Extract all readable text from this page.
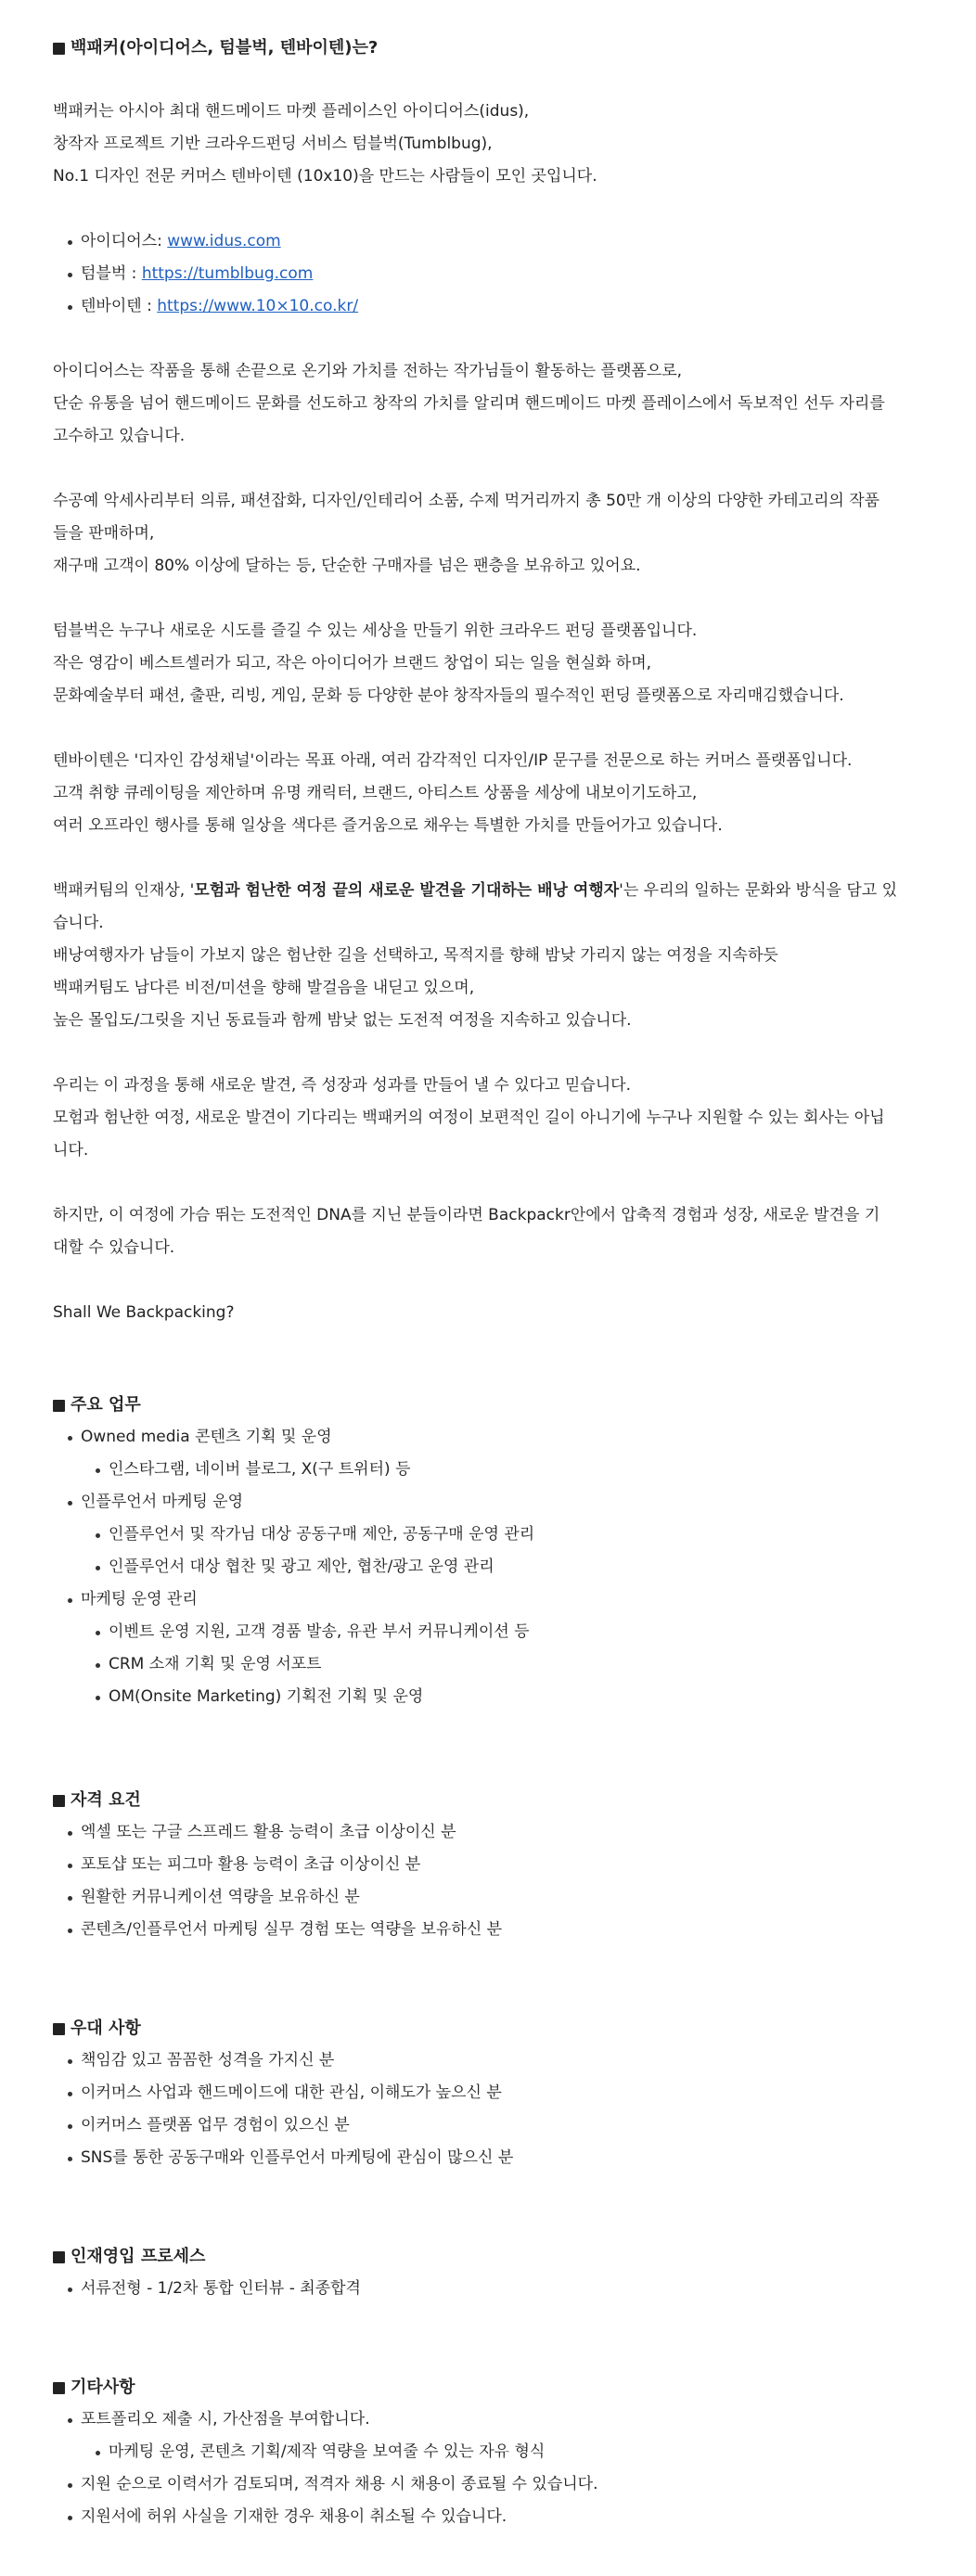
백패커(아이디어스, 텀블벅, 텐바이텐)는?
백패커는 아시아 최대 핸드메이드 마켓 플레이스인 아이디어스(idus),
창작자 프로젝트 기반 크라우드펀딩 서비스 텀블벅(Tumblbug),
No.1 디자인 전문 커머스 텐바이텐 (10x10)을 만드는 사람들이 모인 곳입니다.
아이디어스: www.idus.com
텀블벅 : https://tumblbug.com
텐바이텐 : https://www.10×10.co.kr/
아이디어스는 작품을 통해 손끝으로 온기와 가치를 전하는 작가님들이 활동하는 플랫폼으로,
단순 유통을 넘어 핸드메이드 문화를 선도하고 창작의 가치를 알리며 핸드메이드 마켓 플레이스에서 독보적인 선두 자리를
고수하고 있습니다.
수공예 악세사리부터 의류, 패션잡화, 디자인/인테리어 소품, 수제 먹거리까지 총 50만 개 이상의 다양한 카테고리의 작품
들을 판매하며,
재구매 고객이 80% 이상에 달하는 등, 단순한 구매자를 넘은 팬층을 보유하고 있어요.
텀블벅은 누구나 새로운 시도를 즐길 수 있는 세상을 만들기 위한 크라우드 펀딩 플랫폼입니다.
작은 영감이 베스트셀러가 되고, 작은 아이디어가 브랜드 창업이 되는 일을 현실화 하며,
문화예술부터 패션, 출판, 리빙, 게임, 문화 등 다양한 분야 창작자들의 필수적인 펀딩 플랫폼으로 자리매김했습니다.
텐바이텐은 '디자인 감성채널'이라는 목표 아래, 여러 감각적인 디자인/IP 문구를 전문으로 하는 커머스 플랫폼입니다.
고객 취향 큐레이팅을 제안하며 유명 캐릭터, 브랜드, 아티스트 상품을 세상에 내보이기도하고,
여러 오프라인 행사를 통해 일상을 색다른 즐거움으로 채우는 특별한 가치를 만들어가고 있습니다.
백패커팀의 인재상, '모험과 험난한 여정 끝의 새로운 발견을 기대하는 배낭 여행자'는 우리의 일하는 문화와 방식을 담고 있
습니다.
배낭여행자가 남들이 가보지 않은 험난한 길을 선택하고, 목적지를 향해 밤낮 가리지 않는 여정을 지속하듯
백패커팀도 남다른 비전/미션을 향해 발걸음을 내딛고 있으며,
높은 몰입도/그릿을 지닌 동료들과 함께 밤낮 없는 도전적 여정을 지속하고 있습니다.
우리는 이 과정을 통해 새로운 발견, 즉 성장과 성과를 만들어 낼 수 있다고 믿습니다.
모험과 험난한 여정, 새로운 발견이 기다리는 백패커의 여정이 보편적인 길이 아니기에 누구나 지원할 수 있는 회사는 아닙
니다.
하지만, 이 여정에 가슴 뛰는 도전적인 DNA를 지닌 분들이라면 Backpackr안에서 압축적 경험과 성장, 새로운 발견을 기
대할 수 있습니다.
Shall We Backpacking?
주요 업무
Owned media 콘텐츠 기획 및 운영
인스타그램, 네이버 블로그, X(구 트위터) 등
인플루언서 마케팅 운영
인플루언서 및 작가님 대상 공동구매 제안, 공동구매 운영 관리
인플루언서 대상 협찬 및 광고 제안, 협찬/광고 운영 관리
마케팅 운영 관리
이벤트 운영 지원, 고객 경품 발송, 유관 부서 커뮤니케이션 등
CRM 소재 기획 및 운영 서포트
OM(Onsite Marketing) 기획전 기획 및 운영
자격 요건
엑셀 또는 구글 스프레드 활용 능력이 초급 이상이신 분
포토샵 또는 피그마 활용 능력이 초급 이상이신 분
원활한 커뮤니케이션 역량을 보유하신 분
콘텐츠/인플루언서 마케팅 실무 경험 또는 역량을 보유하신 분
우대 사항
책임감 있고 꼼꼼한 성격을 가지신 분
이커머스 사업과 핸드메이드에 대한 관심, 이해도가 높으신 분
이커머스 플랫폼 업무 경험이 있으신 분
SNS를 통한 공동구매와 인플루언서 마케팅에 관심이 많으신 분
인재영입 프로세스
서류전형 - 1/2차 통합 인터뷰 - 최종합격
기타사항
포트폴리오 제출 시, 가산점을 부여합니다.
마케팅 운영, 콘텐츠 기획/제작 역량을 보여줄 수 있는 자유 형식
지원 순으로 이력서가 검토되며, 적격자 채용 시 채용이 종료될 수 있습니다.
지원서에 허위 사실을 기재한 경우 채용이 취소될 수 있습니다.
